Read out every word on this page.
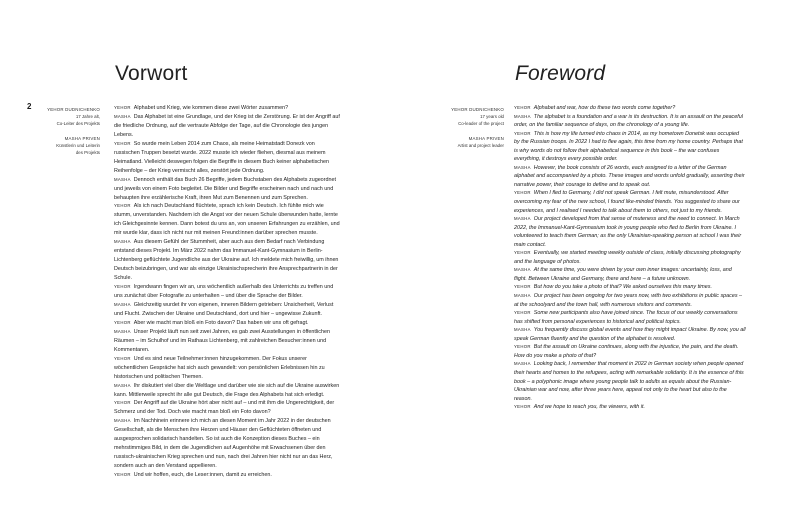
2
Vorwort
YEHOR DUDNICHENKO
17 Jahre alt,
Co-Leiter des Projekts
MASHA PRIVEN
Künstlerin und Leiterin
des Projekts

YEHOR Alphabet und Krieg, wie kommen diese zwei Wörter zusammen?

MASHA Das Alphabet ist eine Grundlage, und der Krieg ist die Zerstörung. Er ist der Angriff auf die friedliche Ordnung, auf die vertraute Abfolge der Tage, auf die Chronologie des jungen Lebens.

YEHOR So wurde mein Leben 2014 zum Chaos, als meine Heimatstadt Donezk von russischen Truppen besetzt wurde. 2022 musste ich wieder fliehen, diesmal aus meinem Heimatland. Vielleicht deswegen folgen die Begriffe in diesem Buch keiner alphabetischen Reihenfolge – der Krieg vermischt alles, zerstört jede Ordnung.

MASHA Dennoch enthält das Buch 26 Begriffe, jedem Buchstaben des Alphabets zugeordnet und jeweils von einem Foto begleitet. Die Bilder und Begriffe erscheinen nach und nach und behaupten ihre erzählerische Kraft, ihren Mut zum Benennen und zum Sprechen.

YEHOR Als ich nach Deutschland flüchtete, sprach ich kein Deutsch. Ich fühlte mich wie stumm, unverstanden. Nachdem ich die Angst vor der neuen Schule überwunden hatte, lernte ich Gleichgesinnte kennen. Dann botest du uns an, von unseren Erfahrungen zu erzählen, und mir wurde klar, dass ich nicht nur mit meinen Freund:innen darüber sprechen musste.

MASHA Aus diesem Gefühl der Stummheit, aber auch aus dem Bedarf nach Verbindung entstand dieses Projekt. Im März 2022 nahm das Immanuel-Kant-Gymnasium in Berlin-Lichtenberg geflüchtete Jugendliche aus der Ukraine auf. Ich meldete mich freiwillig, um ihnen Deutsch beizubringen, und war als einzige Ukrainischsprecherin ihre Ansprechpartnerin in der Schule.

YEHOR Irgendwann fingen wir an, uns wöchentlich außerhalb des Unterrichts zu treffen und uns zunächst über Fotografie zu unterhalten – und über die Sprache der Bilder.

MASHA Gleichzeitig wurdet ihr von eigenen, inneren Bildern getrieben: Unsicherheit, Verlust und Flucht. Zwischen der Ukraine und Deutschland, dort und hier – ungewisse Zukunft.

YEHOR Aber wie macht man bloß ein Foto davon? Das haben wir uns oft gefragt.

MASHA Unser Projekt läuft nun seit zwei Jahren, es gab zwei Ausstellungen in öffentlichen Räumen – im Schulhof und im Rathaus Lichtenberg, mit zahlreichen Besucher:innen und Kommentaren.

YEHOR Und es sind neue Teilnehmer:innen hinzugekommen. Der Fokus unserer wöchentlichen Gespräche hat sich auch gewandelt: von persönlichen Erlebnissen hin zu historischen und politischen Themen.

MASHA Ihr diskutiert viel über die Weltlage und darüber wie sie sich auf die Ukraine auswirken kann. Mittlerweile sprecht ihr alle gut Deutsch, die Frage des Alphabets hat sich erledigt.

YEHOR Der Angriff auf die Ukraine hört aber nicht auf – und mit ihm die Ungerechtigkeit, der Schmerz und der Tod. Doch wie macht man bloß ein Foto davon?

MASHA Im Nachhinein erinnere ich mich an diesen Moment im Jahr 2022 in der deutschen Gesellschaft, als die Menschen ihre Herzen und Häuser den Geflüchteten öffneten und ausgesprochen solidarisch handelten. So ist auch die Konzeption dieses Buches – ein mehrstimmiges Bild, in dem die Jugendlichen auf Augenhöhe mit Erwachsenen über den russisch-ukrainischen Krieg sprechen und nun, nach drei Jahren hier nicht nur an das Herz, sondern auch an den Verstand appellieren.

YEHOR Und wir hoffen, euch, die Leser:innen, damit zu erreichen.

Foreword
YEHOR DUDNICHENKO
17 years old
Co-leader of the project
MASHA PRIVEN
Artist and project leader

YEHOR Alphabet and war, how do these two words come together?

MASHA The alphabet is a foundation and a war is its destruction. It is an assault on the peaceful order, on the familiar sequence of days, on the chronology of a young life.

YEHOR This is how my life turned into chaos in 2014, as my hometown Donetsk was occupied by the Russian troops. In 2022 I had to flee again, this time from my home country. Perhaps that is why words do not follow their alphabetical sequence in this book – the war confuses everything, it destroys every possible order.

MASHA However, the book consists of 26 words, each assigned to a letter of the German alphabet and accompanied by a photo. These images and words unfold gradually, asserting their narrative power, their courage to define and to speak out.

YEHOR When I fled to Germany, I did not speak German. I felt mute, misunderstood. After overcoming my fear of the new school, I found like-minded friends. You suggested to share our experiences, and I realised I needed to talk about them to others, not just to my friends.

MASHA Our project developed from that sense of muteness and the need to connect. In March 2022, the Immanuel-Kant-Gymnasium took in young people who fled to Berlin from Ukraine. I volunteered to teach them German; as the only Ukrainian-speaking person at school I was their main contact.

YEHOR Eventually, we started meeting weekly outside of class, initially discussing photography and the language of photos.

MASHA At the same time, you were driven by your own inner images: uncertainty, loss, and flight. Between Ukraine and Germany, there and here – a future unknown.

YEHOR But how do you take a photo of that? We asked ourselves this many times.

MASHA Our project has been ongoing for two years now, with two exhibitions in public spaces – at the schoolyard and the town hall, with numerous visitors and comments.

YEHOR Some new participants also have joined since. The focus of our weekly conversations has shifted from personal experiences to historical and political topics.

MASHA You frequently discuss global events and how they might impact Ukraine. By now, you all speak German fluently and the question of the alphabet is resolved.

YEHOR But the assault on Ukraine continues, along with the injustice, the pain, and the death. How do you make a photo of that?

MASHA Looking back, I remember that moment in 2022 in German society when people opened their hearts and homes to the refugees, acting with remarkable solidarity. It is the essence of this book – a polyphonic image where young people talk to adults as equals about the Russian-Ukrainian war and now, after three years here, appeal not only to the heart but also to the reason.

YEHOR And we hope to reach you, the viewers, with it.
